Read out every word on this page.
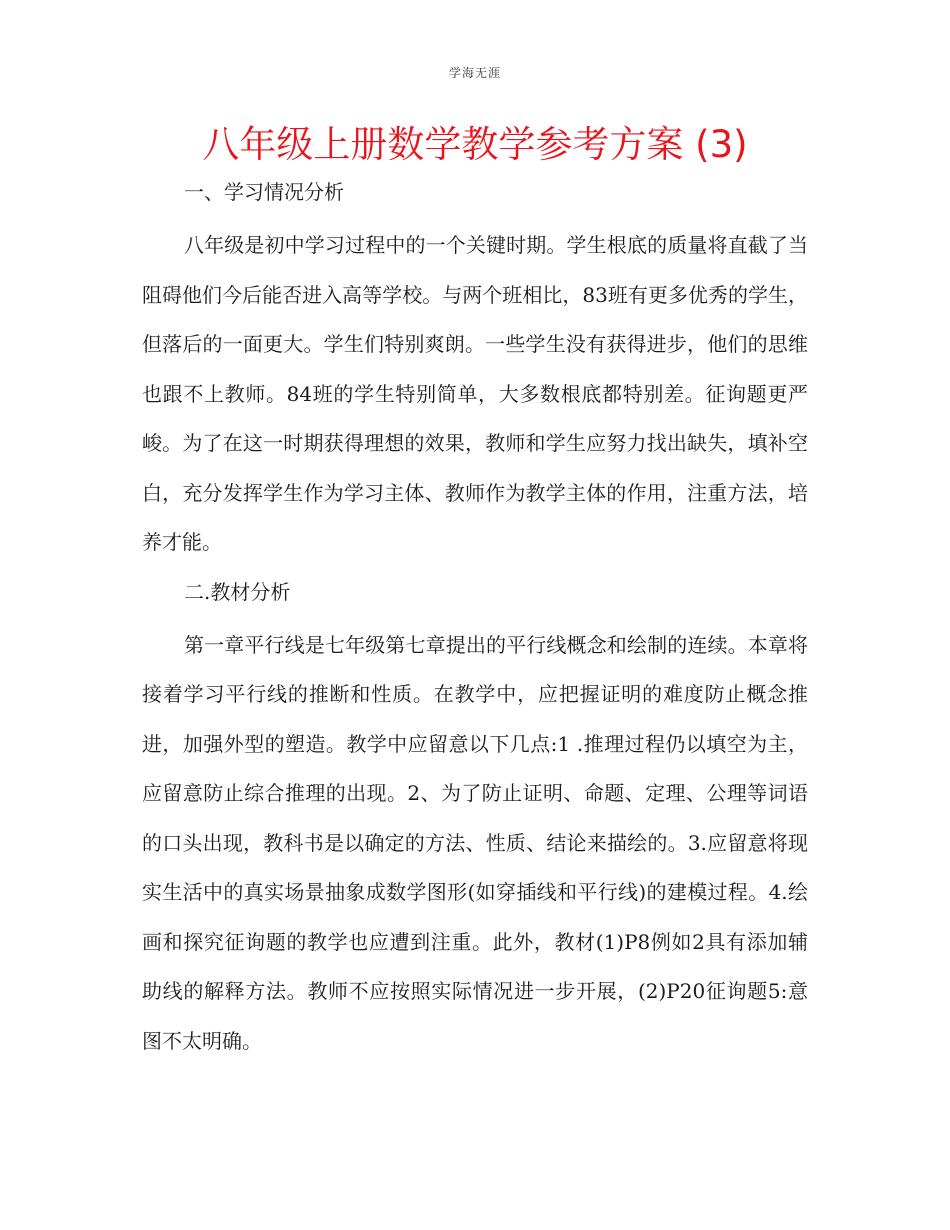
学海无涯
八年级上册数学教学参考方案 (3)

一、学习情况分析

八年级是初中学习过程中的一个关键时期。学生根底的质量将直截了当阻碍他们今后能否进入高等学校。与两个班相比，83班有更多优秀的学生，但落后的一面更大。学生们特别爽朗。一些学生没有获得进步，他们的思维也跟不上教师。84班的学生特别简单，大多数根底都特别差。征询题更严峻。为了在这一时期获得理想的效果，教师和学生应努力找出缺失，填补空白，充分发挥学生作为学习主体、教师作为教学主体的作用，注重方法，培养才能。

二.教材分析

第一章平行线是七年级第七章提出的平行线概念和绘制的连续。本章将接着学习平行线的推断和性质。在教学中，应把握证明的难度防止概念推进，加强外型的塑造。教学中应留意以下几点:1 .推理过程仍以填空为主，应留意防止综合推理的出现。2、为了防止证明、命题、定理、公理等词语的口头出现，教科书是以确定的方法、性质、结论来描绘的。3.应留意将现实生活中的真实场景抽象成数学图形(如穿插线和平行线)的建模过程。4.绘画和探究征询题的教学也应遭到注重。此外，教材(1)P8例如2具有添加辅助线的解释方法。教师不应按照实际情况进一步开展，(2)P20征询题5:意图不太明确。
